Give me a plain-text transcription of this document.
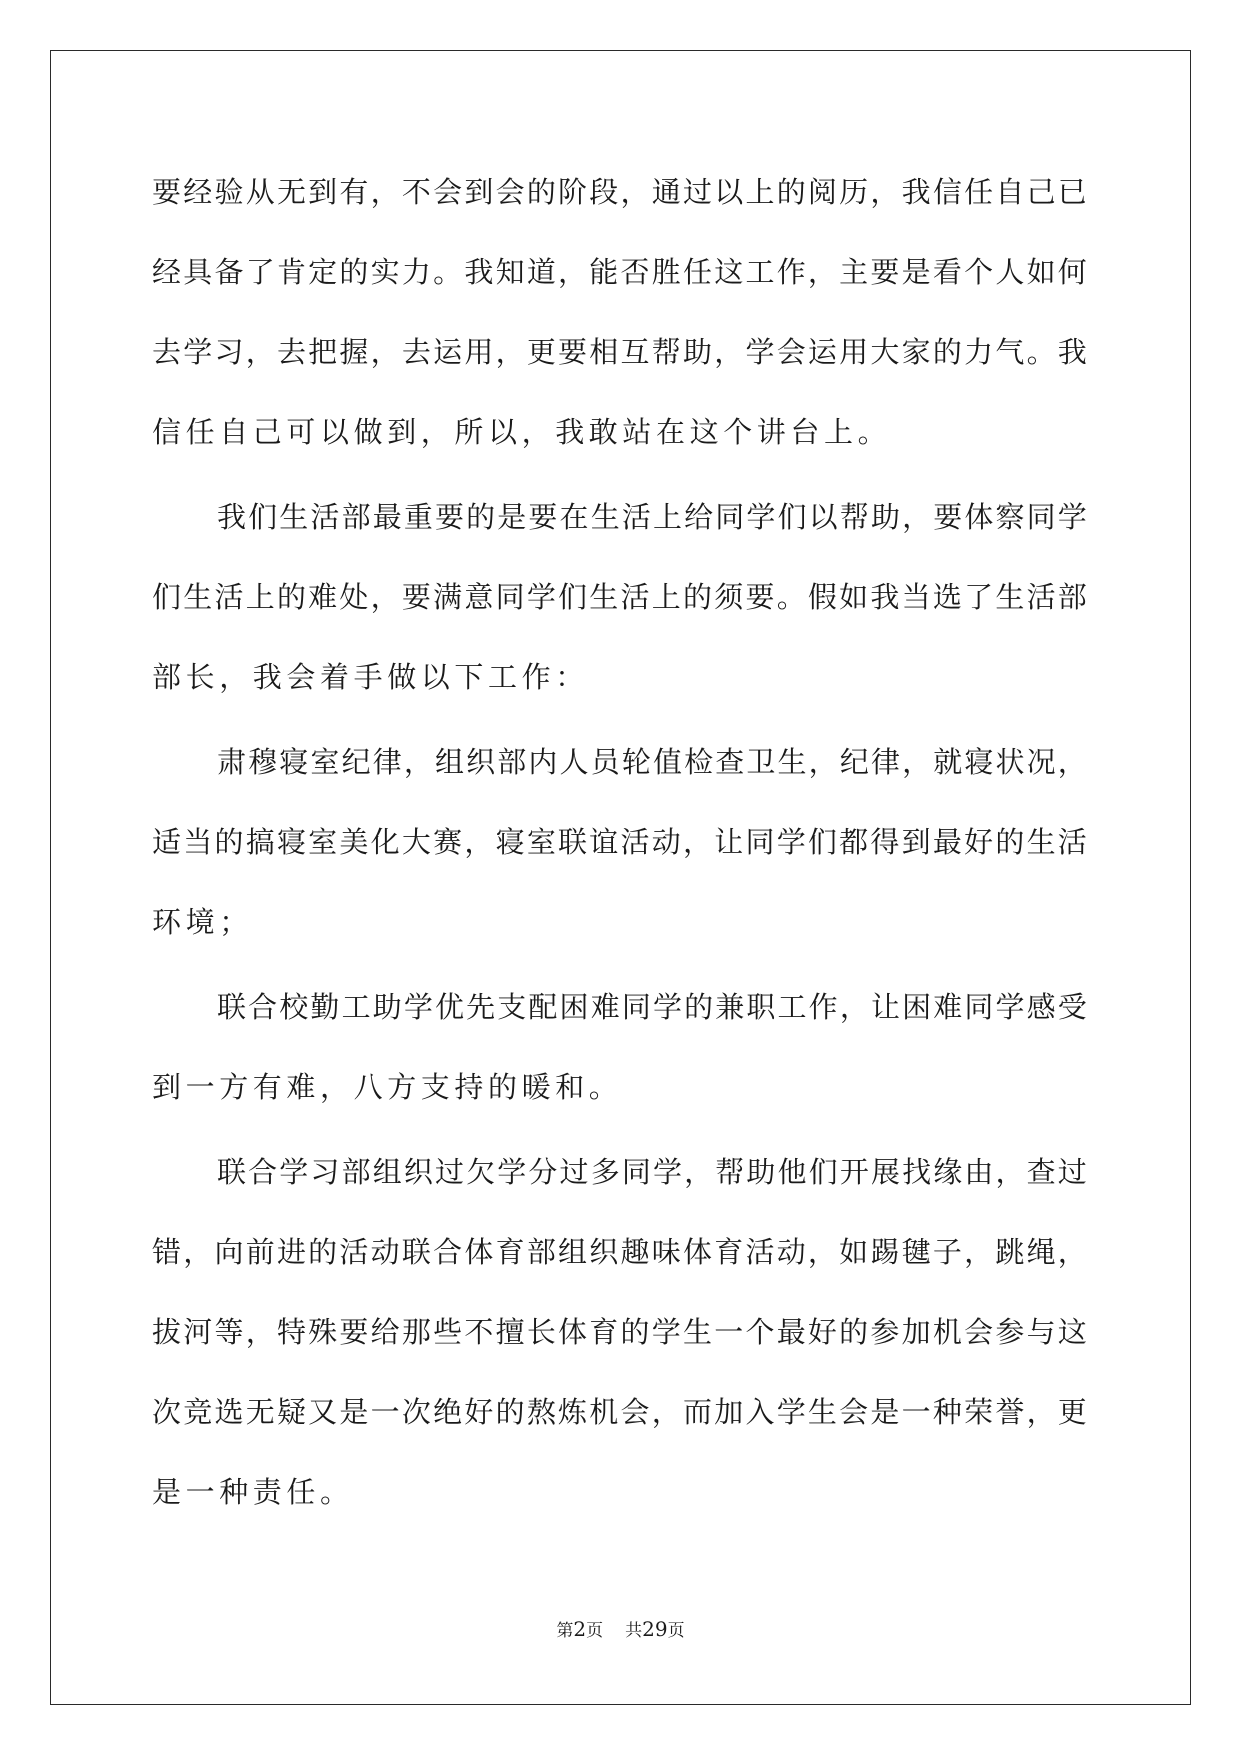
要 经 验 从 无 到 有 ， 不 会 到 会 的 阶 段 ， 通 过 以 上 的 阅 历 ， 我 信 任 自 己 已
经 具 备 了 肯 定 的 实 力 。 我 知 道 ， 能 否 胜 任 这 工 作 ， 主 要 是 看 个 人 如 何
去 学 习 ， 去 把 握 ， 去 运 用 ， 更 要 相 互 帮 助 ， 学 会 运 用 大 家 的 力 气 。 我
信任自己可以做到，所以，我敢站在这个讲台上。
我 们 生 活 部 最 重 要 的 是 要 在 生 活 上 给 同 学 们 以 帮 助 ， 要 体 察 同 学
们 生 活 上 的 难 处 ， 要 满 意 同 学 们 生 活 上 的 须 要 。 假 如 我 当 选 了 生 活 部
部长，我会着手做以下工作：
肃 穆 寝 室 纪 律 ， 组 织 部 内 人 员 轮 值 检 查 卫 生 ， 纪 律 ， 就 寝 状 况 ，
适 当 的 搞 寝 室 美 化 大 赛 ， 寝 室 联 谊 活 动 ， 让 同 学 们 都 得 到 最 好 的 生 活
环境；
联 合 校 勤 工 助 学 优 先 支 配 困 难 同 学 的 兼 职 工 作 ， 让 困 难 同 学 感 受
到一方有难，八方支持的暖和。
联 合 学 习 部 组 织 过 欠 学 分 过 多 同 学 ， 帮 助 他 们 开 展 找 缘 由 ， 查 过
错 ， 向 前 进 的 活 动 联 合 体 育 部 组 织 趣 味 体 育 活 动 ， 如 踢 毽 子 ， 跳 绳 ，
拔 河 等 ， 特 殊 要 给 那 些 不 擅 长 体 育 的 学 生 一 个 最 好 的 参 加 机 会 参 与 这
次 竞 选 无 疑 又 是 一 次 绝 好 的 熬 炼 机 会 ， 而 加 入 学 生 会 是 一 种 荣 誉 ， 更
是一种责任。
第2页 共29页
